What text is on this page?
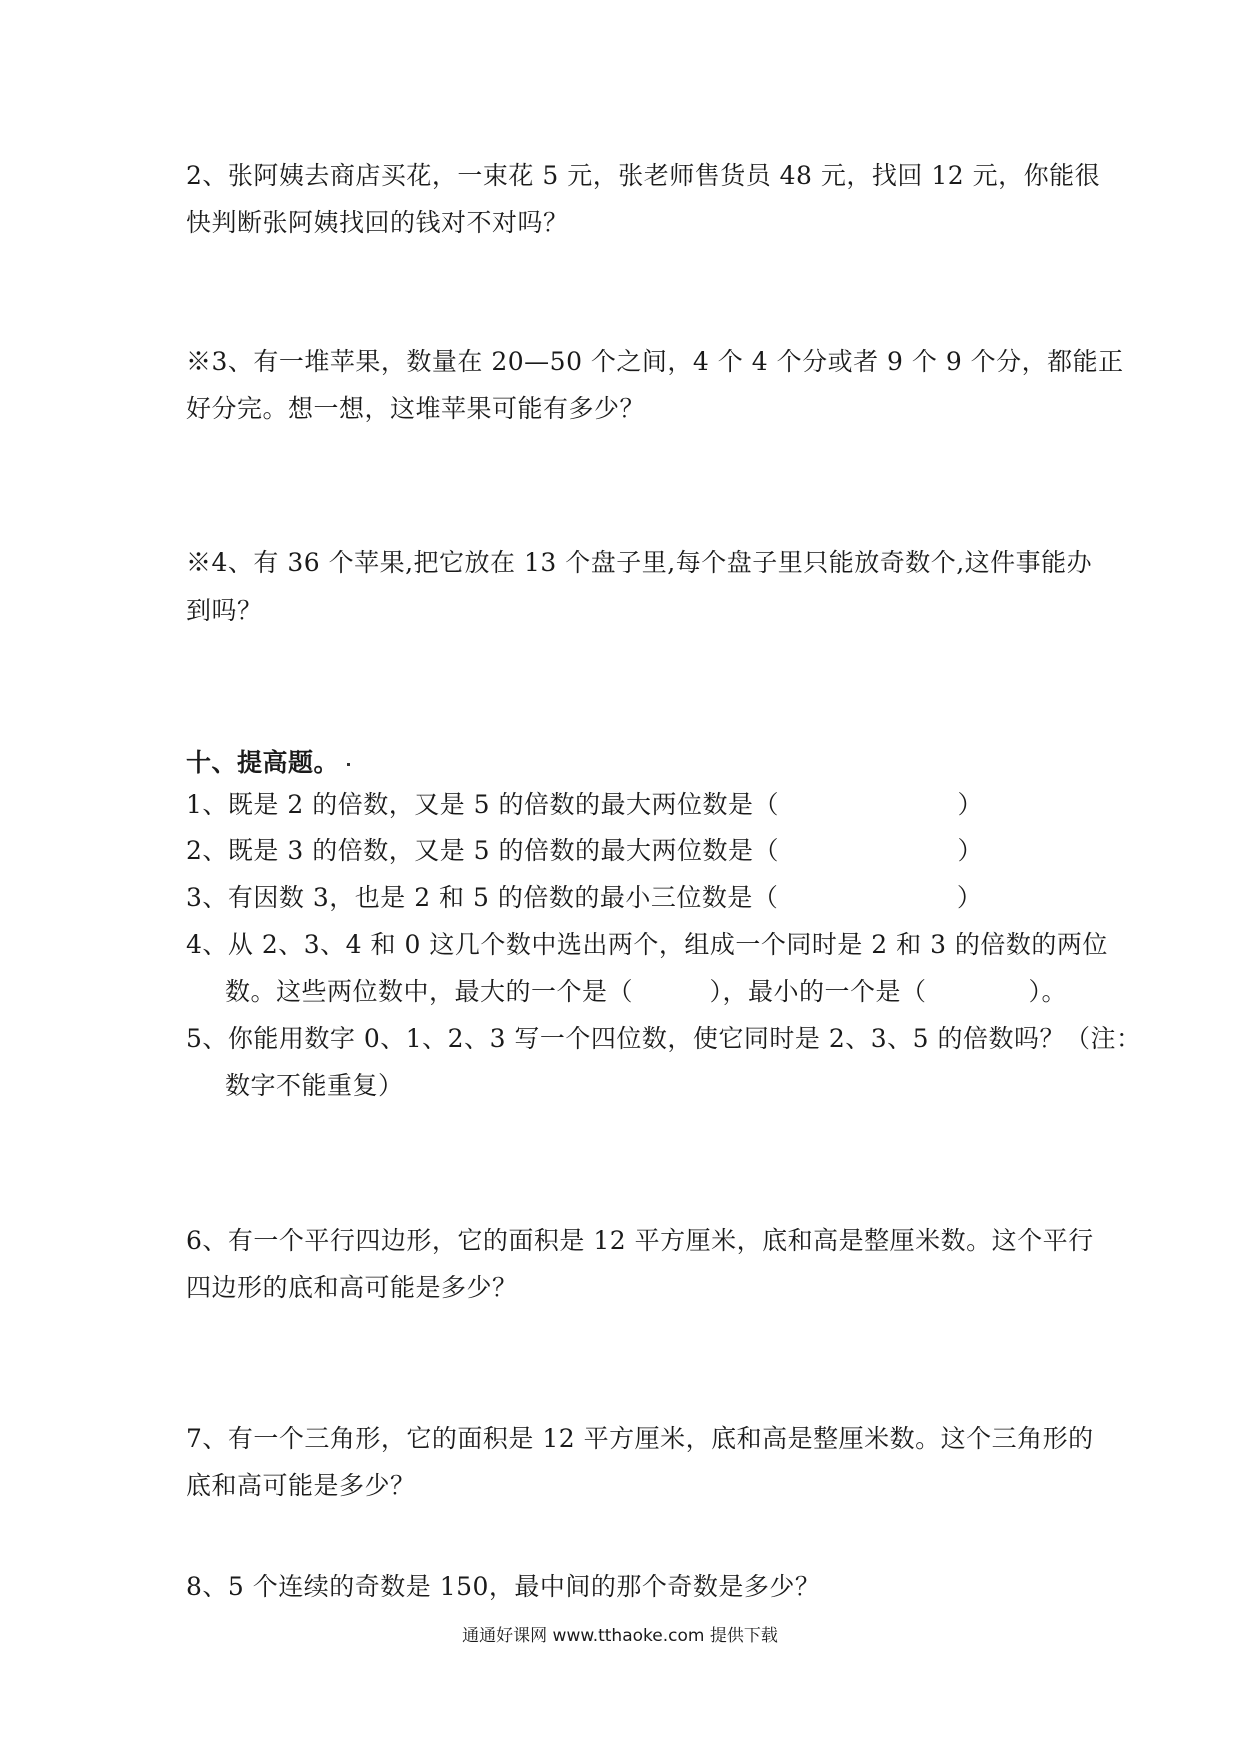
2、张阿姨去商店买花，一束花 5 元，张老师售货员 48 元，找回 12 元，你能很
快判断张阿姨找回的钱对不对吗？
※3、有一堆苹果，数量在 20—50 个之间，4 个 4 个分或者 9 个 9 个分，都能正
好分完。想一想，这堆苹果可能有多少？
※4、有 36 个苹果,把它放在 13 个盘子里,每个盘子里只能放奇数个,这件事能办
到吗？
十、提高题。
1、既是 2 的倍数，又是 5 的倍数的最大两位数是（　　　　　　　）
2、既是 3 的倍数，又是 5 的倍数的最大两位数是（　　　　　　　）
3、有因数 3，也是 2 和 5 的倍数的最小三位数是（　　　　　　　）
4、从 2、3、4 和 0 这几个数中选出两个，组成一个同时是 2 和 3 的倍数的两位
数。这些两位数中，最大的一个是（　　　），最小的一个是（　　　　）。
5、你能用数字 0、1、2、3 写一个四位数，使它同时是 2、3、5 的倍数吗？（注：
数字不能重复）
6、有一个平行四边形，它的面积是 12 平方厘米，底和高是整厘米数。这个平行
四边形的底和高可能是多少？
7、有一个三角形，它的面积是 12 平方厘米，底和高是整厘米数。这个三角形的
底和高可能是多少？
8、5 个连续的奇数是 150，最中间的那个奇数是多少？
通通好课网 www.tthaoke.com 提供下载
